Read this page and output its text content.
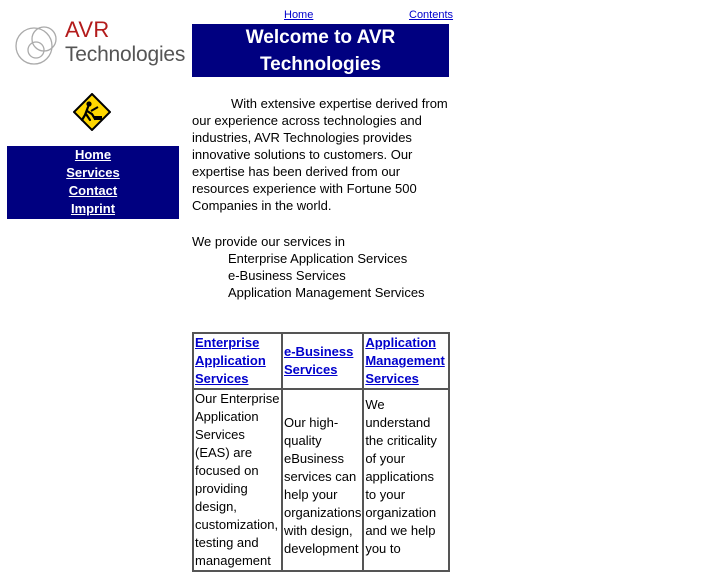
AVR
Technologies
Home
Services
Contact
Imprint
Home	Contents
Welcome to AVR
Technologies

With extensive expertise derived from our experience across technologies and industries, AVR Technologies provides innovative solutions to customers. Our expertise has been derived from our resources experience with Fortune 500 Companies in the world.

We provide our services in
Enterprise Application Services
e-Business Services
Application Management Services
Enterprise Application Services	e-Business Services	Application Management Services

Our Enterprise Application Services (EAS) are focused on providing design, customization, testing and management	Our high-quality eBusiness services can help your organizations with design, development	We understand the criticality of your applications to your organization and we help you to
